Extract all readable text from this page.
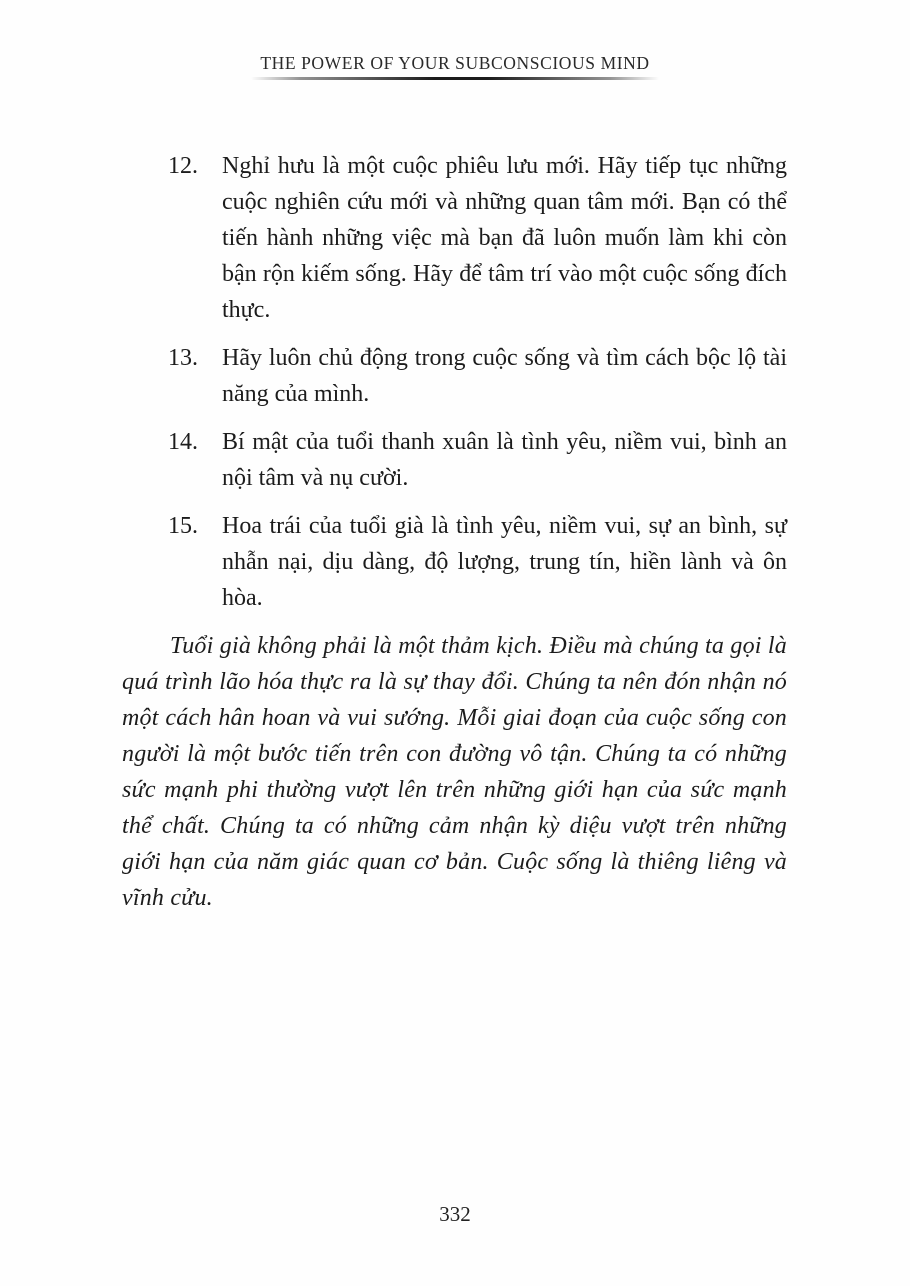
THE POWER OF YOUR SUBCONSCIOUS MIND
12. Nghỉ hưu là một cuộc phiêu lưu mới. Hãy tiếp tục những cuộc nghiên cứu mới và những quan tâm mới. Bạn có thể tiến hành những việc mà bạn đã luôn muốn làm khi còn bận rộn kiếm sống. Hãy để tâm trí vào một cuộc sống đích thực.
13. Hãy luôn chủ động trong cuộc sống và tìm cách bộc lộ tài năng của mình.
14. Bí mật của tuổi thanh xuân là tình yêu, niềm vui, bình an nội tâm và nụ cười.
15. Hoa trái của tuổi già là tình yêu, niềm vui, sự an bình, sự nhẫn nại, dịu dàng, độ lượng, trung tín, hiền lành và ôn hòa.

Tuổi già không phải là một thảm kịch. Điều mà chúng ta gọi là quá trình lão hóa thực ra là sự thay đổi. Chúng ta nên đón nhận nó một cách hân hoan và vui sướng. Mỗi giai đoạn của cuộc sống con người là một bước tiến trên con đường vô tận. Chúng ta có những sức mạnh phi thường vượt lên trên những giới hạn của sức mạnh thể chất. Chúng ta có những cảm nhận kỳ diệu vượt trên những giới hạn của năm giác quan cơ bản. Cuộc sống là thiêng liêng và vĩnh cửu.

332
